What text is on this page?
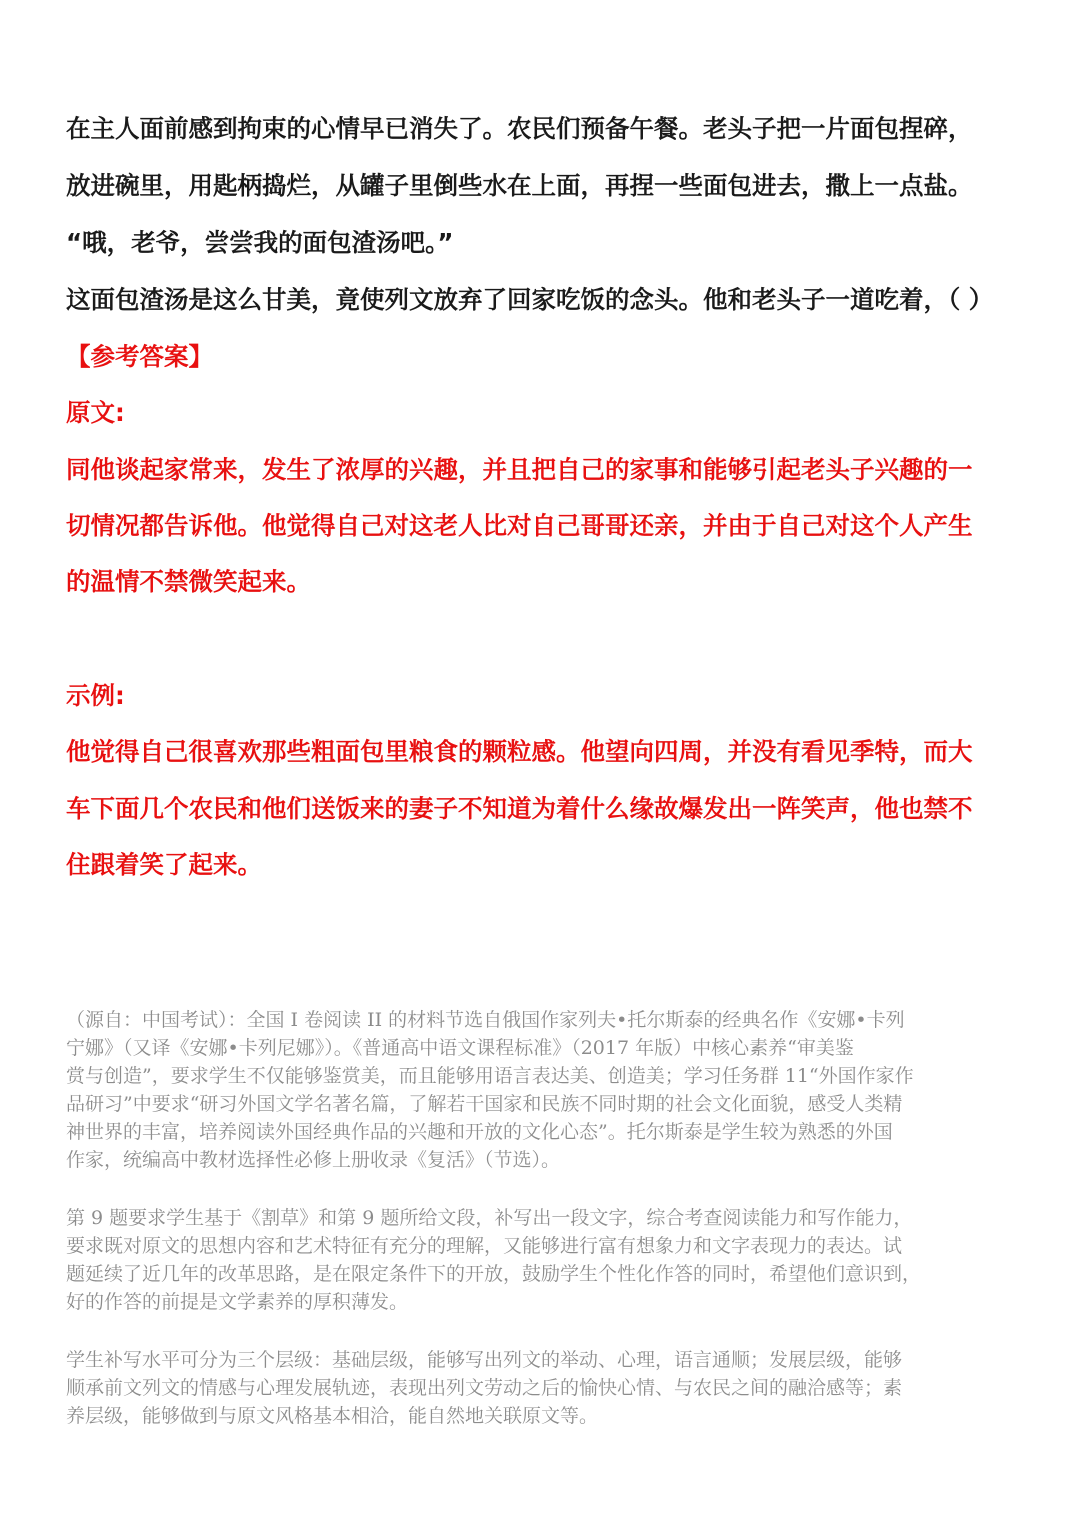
在主人面前感到拘束的心情早已消失了。农民们预备午餐。老头子把一片面包捏碎，

放进碗里，用匙柄捣烂，从罐子里倒些水在上面，再捏一些面包进去，撒上一点盐。

“哦，老爷，尝尝我的面包渣汤吧。”

这面包渣汤是这么甘美，竟使列文放弃了回家吃饭的念头。他和老头子一道吃着，（ ）

【参考答案】

原文:

同他谈起家常来，发生了浓厚的兴趣，并且把自己的家事和能够引起老头子兴趣的一

切情况都告诉他。他觉得自己对这老人比对自己哥哥还亲，并由于自己对这个人产生

的温情不禁微笑起来。

示例:

他觉得自己很喜欢那些粗面包里粮食的颗粒感。他望向四周，并没有看见季特，而大

车下面几个农民和他们送饭来的妻子不知道为着什么缘故爆发出一阵笑声，他也禁不

住跟着笑了起来。

（源自：中国考试）：全国 I 卷阅读 II 的材料节选自俄国作家列夫•托尔斯泰的经典名作《安娜•卡列

宁娜》（又译《安娜•卡列尼娜》）。《普通高中语文课程标准》（2017 年版）中核心素养“审美鉴

赏与创造”，要求学生不仅能够鉴赏美，而且能够用语言表达美、创造美；学习任务群 11“外国作家作

品研习”中要求“研习外国文学名著名篇，了解若干国家和民族不同时期的社会文化面貌，感受人类精

神世界的丰富，培养阅读外国经典作品的兴趣和开放的文化心态”。托尔斯泰是学生较为熟悉的外国

作家，统编高中教材选择性必修上册收录《复活》（节选）。

第 9 题要求学生基于《割草》和第 9 题所给文段，补写出一段文字，综合考查阅读能力和写作能力，

要求既对原文的思想内容和艺术特征有充分的理解，又能够进行富有想象力和文字表现力的表达。试

题延续了近几年的改革思路，是在限定条件下的开放，鼓励学生个性化作答的同时，希望他们意识到，

好的作答的前提是文学素养的厚积薄发。

学生补写水平可分为三个层级：基础层级，能够写出列文的举动、心理，语言通顺；发展层级，能够

顺承前文列文的情感与心理发展轨迹，表现出列文劳动之后的愉快心情、与农民之间的融洽感等；素

养层级，能够做到与原文风格基本相洽，能自然地关联原文等。
